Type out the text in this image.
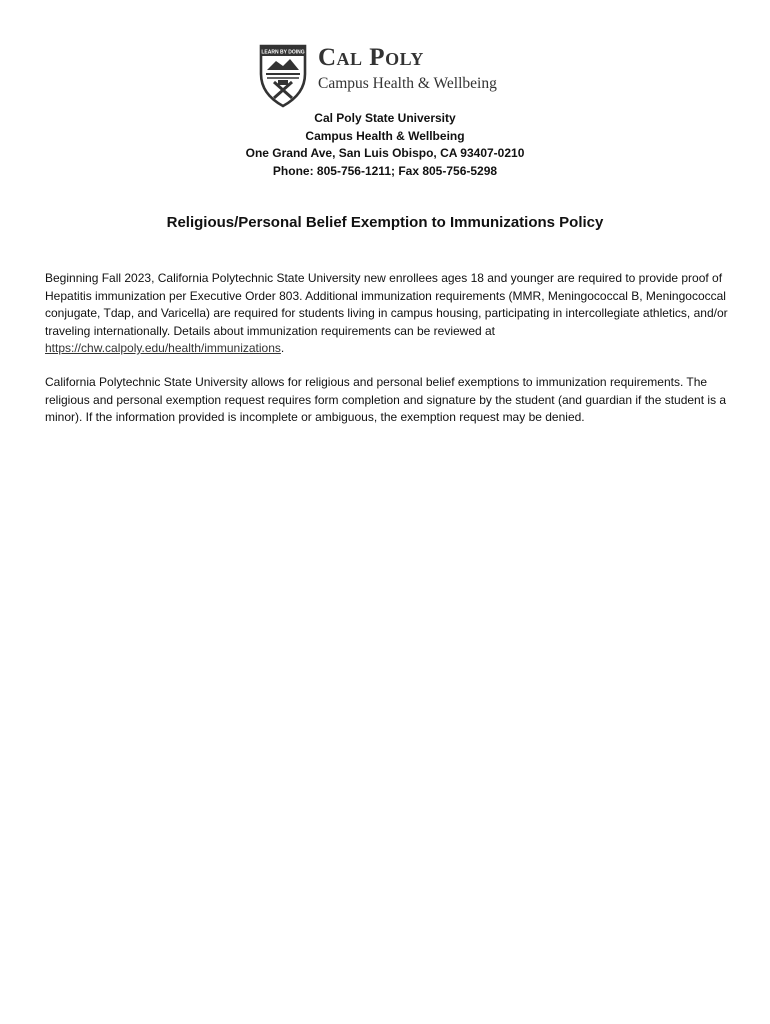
LEARN BY DOING Cal Poly
Campus Health & Wellbeing
Cal Poly State University
Campus Health & Wellbeing
One Grand Ave, San Luis Obispo, CA 93407-0210
Phone: 805-756-1211; Fax 805-756-5298
Religious/Personal Belief Exemption to Immunizations Policy
Beginning Fall 2023, California Polytechnic State University new enrollees ages 18 and younger are required to provide proof of Hepatitis immunization per Executive Order 803. Additional immunization requirements (MMR, Meningococcal B, Meningococcal conjugate, Tdap, and Varicella) are required for students living in campus housing, participating in intercollegiate athletics, and/or traveling internationally. Details about immunization requirements can be reviewed at https://chw.calpoly.edu/health/immunizations.
California Polytechnic State University allows for religious and personal belief exemptions to immunization requirements. The religious and personal exemption request requires form completion and signature by the student (and guardian if the student is a minor). If the information provided is incomplete or ambiguous, the exemption request may be denied.
